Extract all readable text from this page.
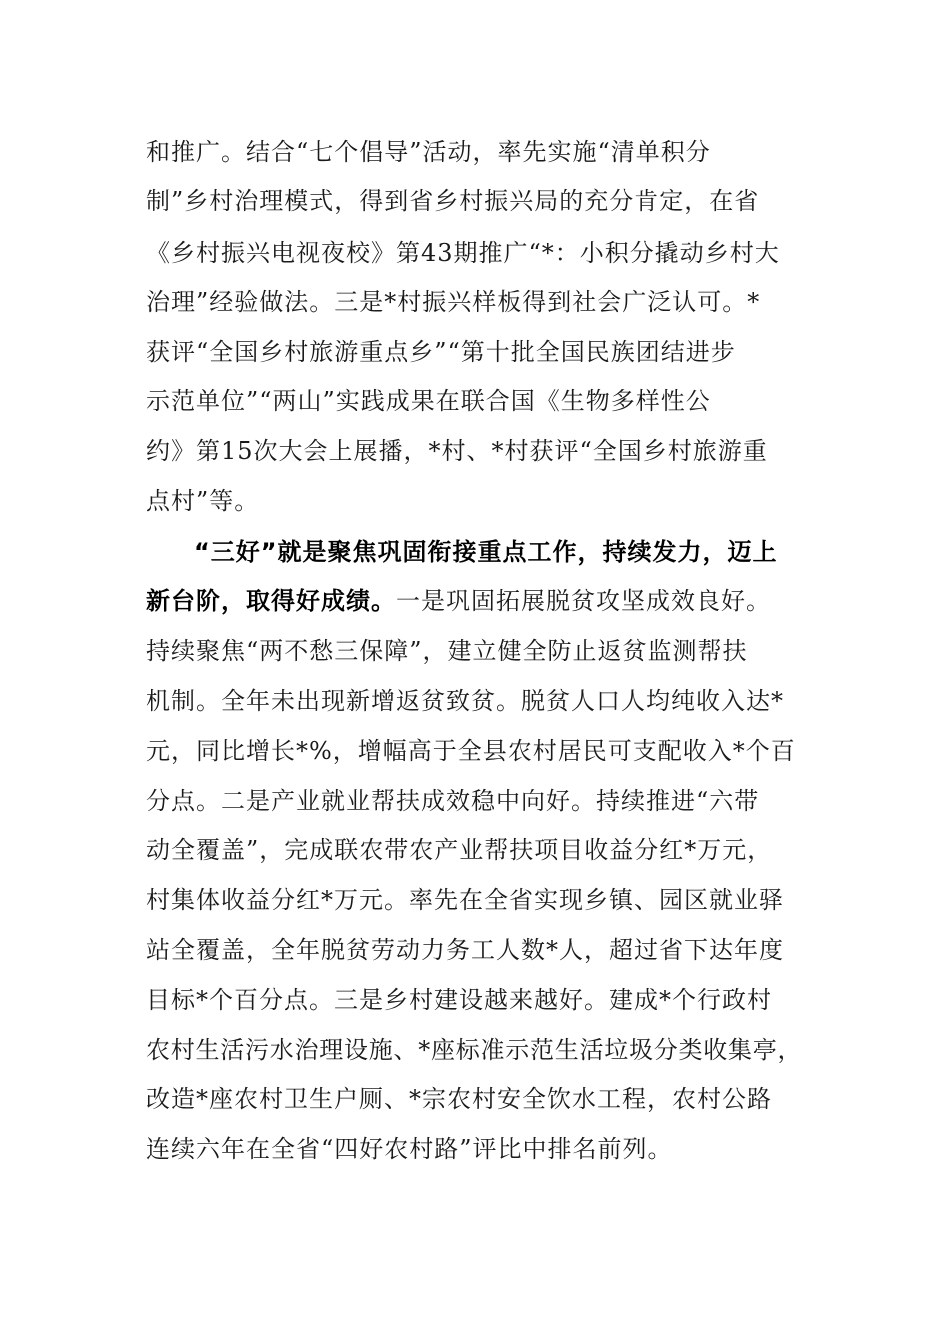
和推广。结合“七个倡导”活动，率先实施“清单积分
制”乡村治理模式，得到省乡村振兴局的充分肯定，在省
《乡村振兴电视夜校》第43期推广“*：小积分撬动乡村大
治理”经验做法。三是*村振兴样板得到社会广泛认可。*
获评“全国乡村旅游重点乡”“第十批全国民族团结进步
示范单位”“两山”实践成果在联合国《生物多样性公
约》第15次大会上展播，*村、*村获评“全国乡村旅游重
点村”等。
“三好”就是聚焦巩固衔接重点工作，持续发力，迈上
新台阶，取得好成绩。一是巩固拓展脱贫攻坚成效良好。
持续聚焦“两不愁三保障”，建立健全防止返贫监测帮扶
机制。全年未出现新增返贫致贫。脱贫人口人均纯收入达*
元，同比增长*%，增幅高于全县农村居民可支配收入*个百
分点。二是产业就业帮扶成效稳中向好。持续推进“六带
动全覆盖”，完成联农带农产业帮扶项目收益分红*万元，
村集体收益分红*万元。率先在全省实现乡镇、园区就业驿
站全覆盖，全年脱贫劳动力务工人数*人，超过省下达年度
目标*个百分点。三是乡村建设越来越好。建成*个行政村
农村生活污水治理设施、*座标准示范生活垃圾分类收集亭，
改造*座农村卫生户厕、*宗农村安全饮水工程，农村公路
连续六年在全省“四好农村路”评比中排名前列。
